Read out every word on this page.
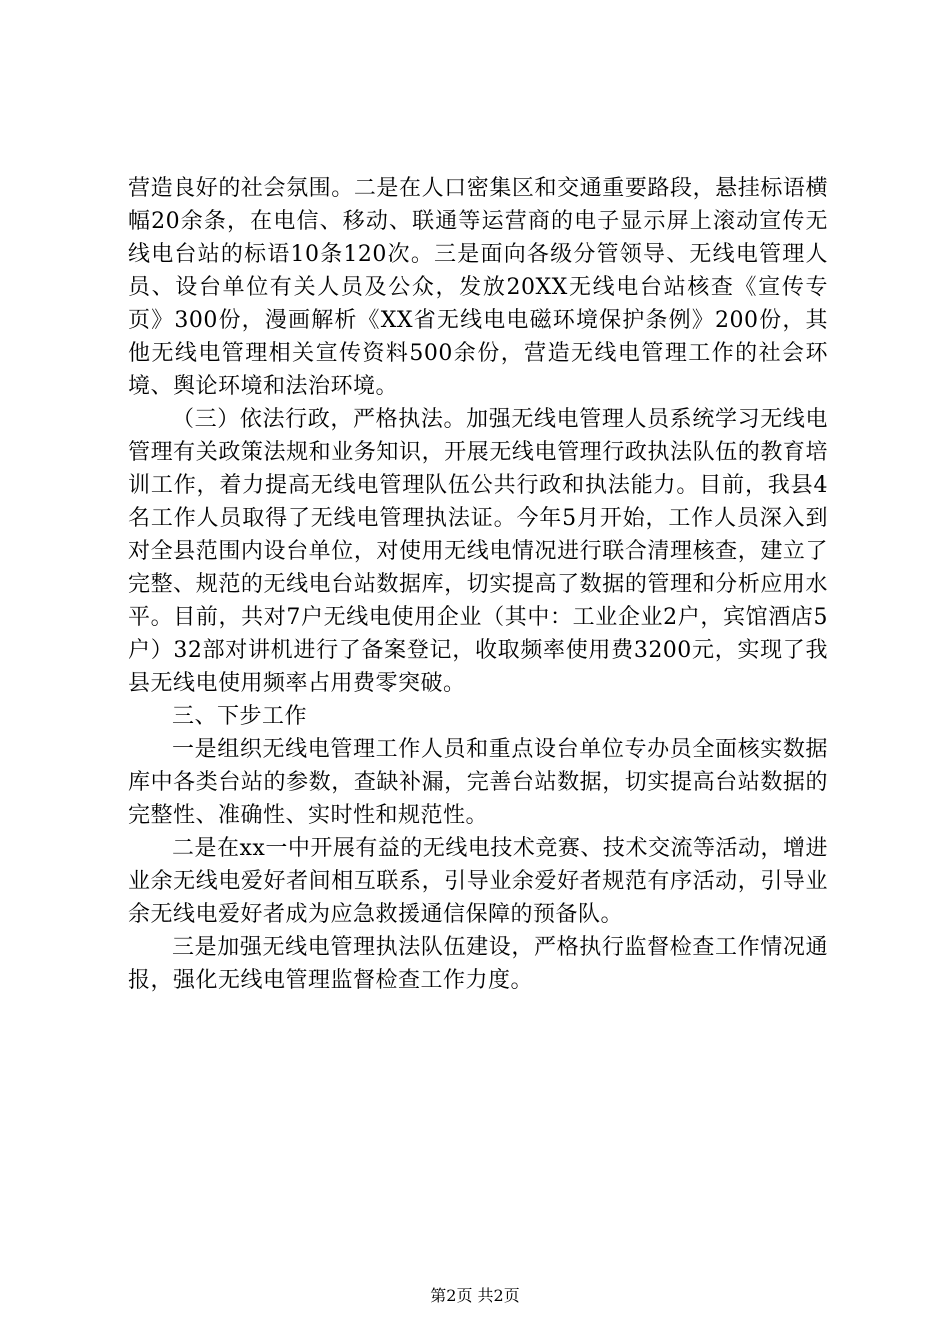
营造良好的社会氛围。二是在人口密集区和交通重要路段，悬挂标语横幅20余条，在电信、移动、联通等运营商的电子显示屏上滚动宣传无线电台站的标语10条120次。三是面向各级分管领导、无线电管理人员、设台单位有关人员及公众，发放20XX无线电台站核查《宣传专页》300份，漫画解析《XX省无线电电磁环境保护条例》200份，其他无线电管理相关宣传资料500余份，营造无线电管理工作的社会环境、舆论环境和法治环境。

（三）依法行政，严格执法。加强无线电管理人员系统学习无线电管理有关政策法规和业务知识，开展无线电管理行政执法队伍的教育培训工作，着力提高无线电管理队伍公共行政和执法能力。目前，我县4名工作人员取得了无线电管理执法证。今年5月开始，工作人员深入到对全县范围内设台单位，对使用无线电情况进行联合清理核查，建立了完整、规范的无线电台站数据库，切实提高了数据的管理和分析应用水平。目前，共对7户无线电使用企业（其中：工业企业2户，宾馆酒店5户）32部对讲机进行了备案登记，收取频率使用费3200元，实现了我县无线电使用频率占用费零突破。

三、下步工作

一是组织无线电管理工作人员和重点设台单位专办员全面核实数据库中各类台站的参数，查缺补漏，完善台站数据，切实提高台站数据的完整性、准确性、实时性和规范性。

二是在xx一中开展有益的无线电技术竞赛、技术交流等活动，增进业余无线电爱好者间相互联系，引导业余爱好者规范有序活动，引导业余无线电爱好者成为应急救援通信保障的预备队。

三是加强无线电管理执法队伍建设，严格执行监督检查工作情况通报，强化无线电管理监督检查工作力度。

第2页 共2页
